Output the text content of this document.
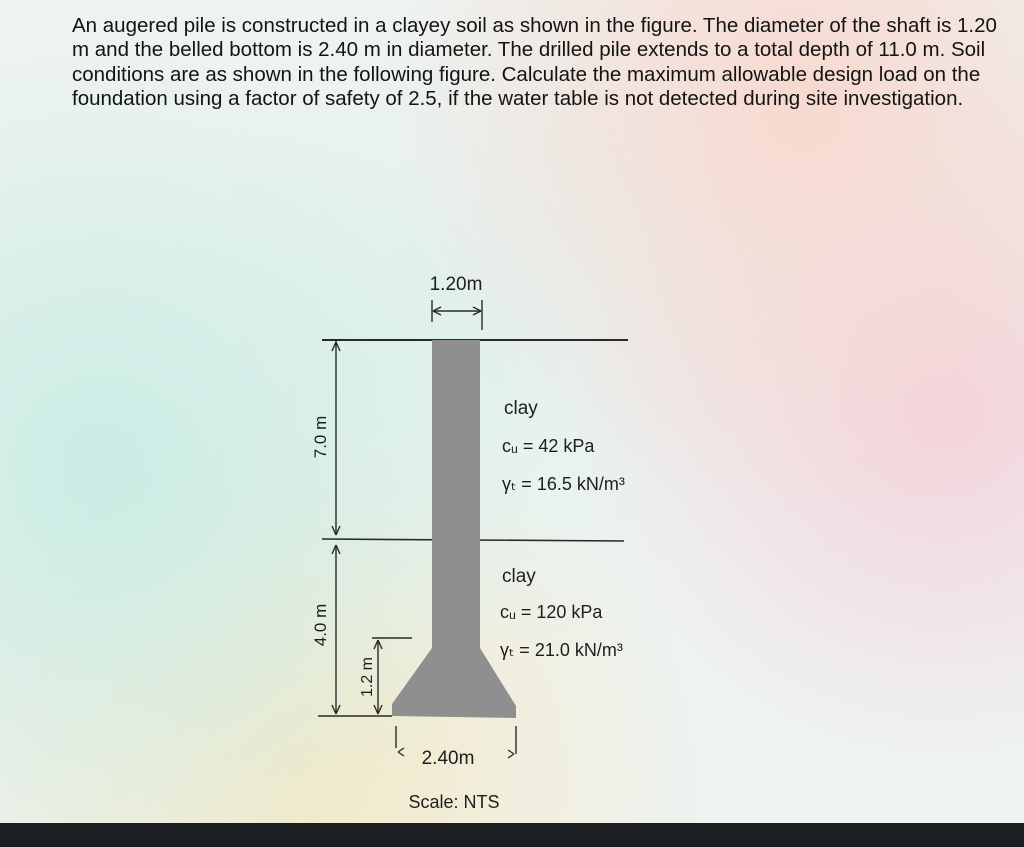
An augered pile is constructed in a clayey soil as shown in the figure. The diameter of the shaft is 1.20 m and the belled bottom is 2.40 m in diameter. The drilled pile extends to a total depth of 11.0 m. Soil conditions are as shown in the following figure. Calculate the maximum allowable design load on the foundation using a factor of safety of 2.5, if the water table is not detected during site investigation.

1.20m
7.0 m
4.0 m
1.2 m
2.40m
clay
cᵤ = 42 kPa
γₜ = 16.5 kN/m³
clay
cᵤ = 120 kPa
γₜ = 21.0 kN/m³
Scale: NTS
